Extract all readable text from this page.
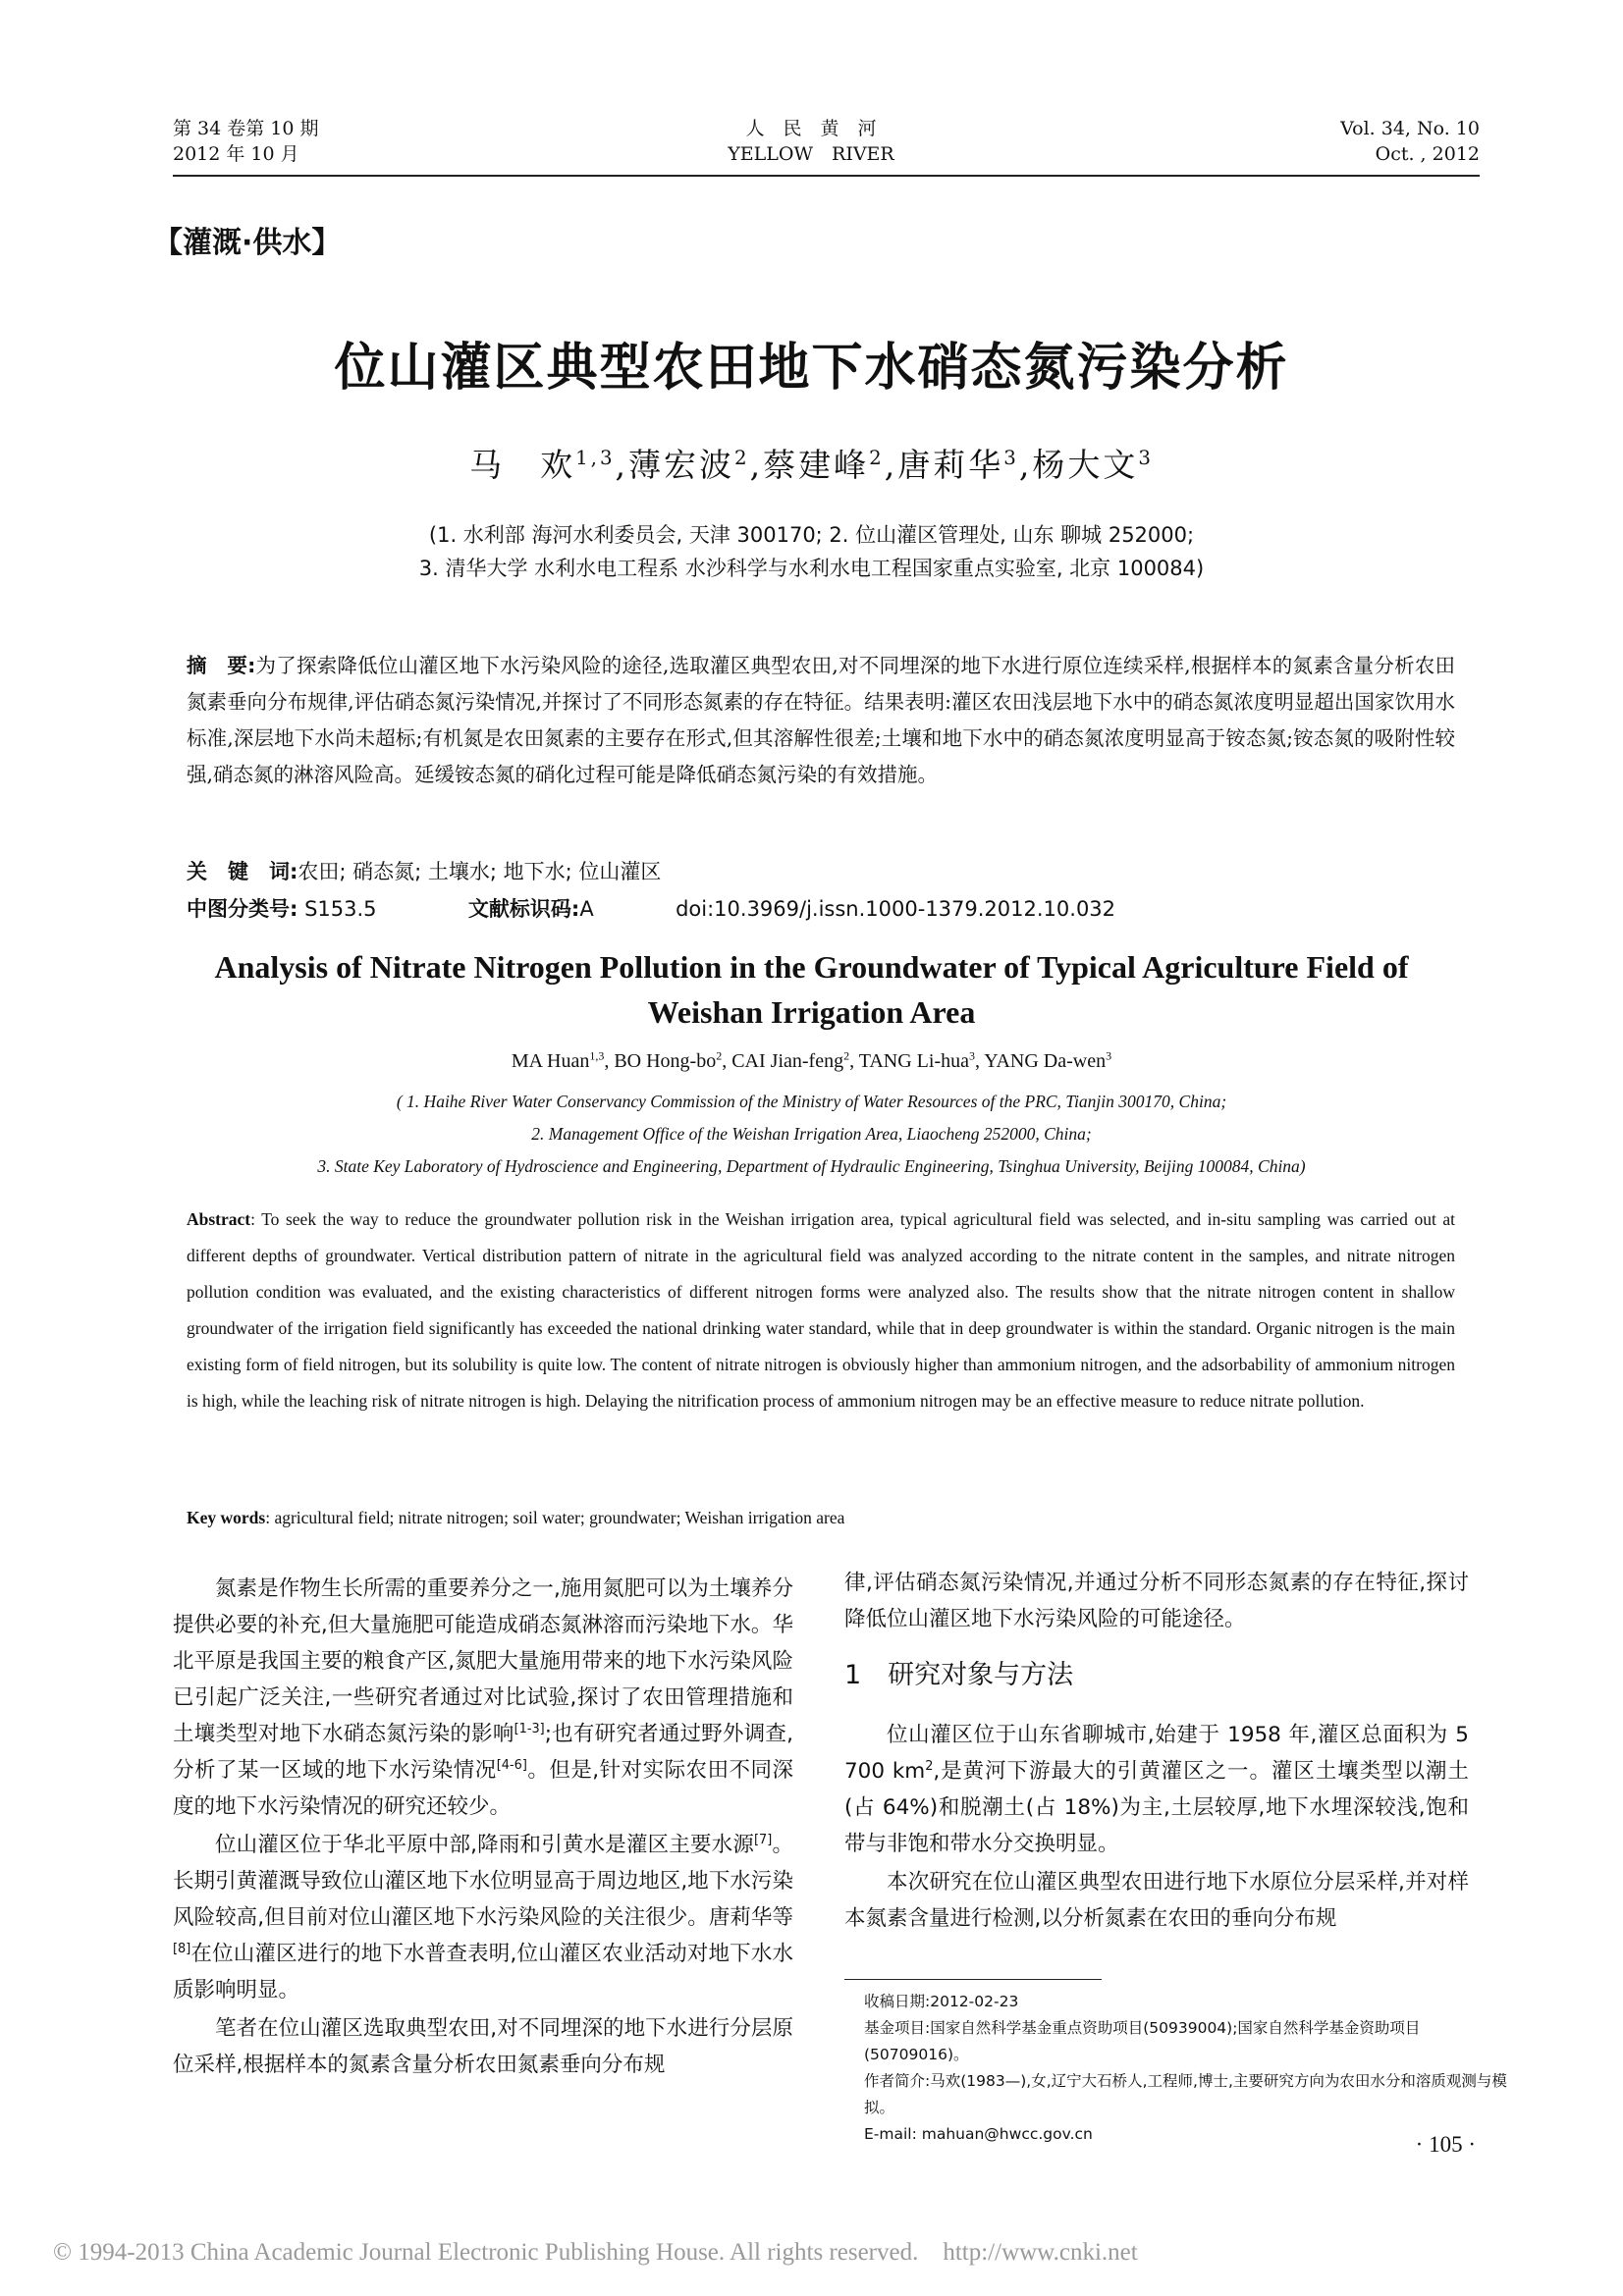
第 34 卷第 10 期
2012 年 10 月
人　民　黄　河
YELLOW　RIVER
Vol. 34, No. 10
Oct. , 2012
【灌溉·供水】
位山灌区典型农田地下水硝态氮污染分析
马　欢$^{1,3}$,薄宏波$^2$,蔡建峰$^2$,唐莉华$^3$,杨大文$^3$
(1. 水利部 海河水利委员会, 天津 300170; 2. 位山灌区管理处, 山东 聊城 252000;
3. 清华大学 水利水电工程系 水沙科学与水利水电工程国家重点实验室, 北京 100084)
摘　要:为了探索降低位山灌区地下水污染风险的途径,选取灌区典型农田,对不同埋深的地下水进行原位连续采样,根据样本的氮素含量分析农田氮素垂向分布规律,评估硝态氮污染情况,并探讨了不同形态氮素的存在特征。结果表明:灌区农田浅层地下水中的硝态氮浓度明显超出国家饮用水标准,深层地下水尚未超标;有机氮是农田氮素的主要存在形式,但其溶解性很差;土壤和地下水中的硝态氮浓度明显高于铵态氮;铵态氮的吸附性较强,硝态氮的淋溶风险高。延缓铵态氮的硝化过程可能是降低硝态氮污染的有效措施。
关　键　词:农田; 硝态氮; 土壤水; 地下水; 位山灌区
中图分类号: S153.5	文献标识码:A	doi:10.3969/j.issn.1000-1379.2012.10.032
Analysis of Nitrate Nitrogen Pollution in the Groundwater of Typical Agriculture Field of
Weishan Irrigation Area
MA Huan$^{1,3}$, BO Hong-$bo^2$, CAI Jian-feng$^2$, TANG Li-hua$^3$, YANG Da-wen$^3$
( 1. Haihe River Water Conservancy Commission of the Ministry of Water Resources of the PRC, Tianjin 300170, China;
2. Management Office of the Weishan Irrigation Area, Liaocheng 252000, China;
3. State Key Laboratory of Hydroscience and Engineering, Department of Hydraulic Engineering, Tsinghua University, Beijing 100084, China)
Abstract: To seek the way to reduce the groundwater pollution risk in the Weishan irrigation area, typical agricultural field was selected, and in-situ sampling was carried out at different depths of groundwater. Vertical distribution pattern of nitrate in the agricultural field was analyzed according to the nitrate content in the samples, and nitrate nitrogen pollution condition was evaluated, and the existing characteristics of different nitrogen forms were analyzed also. The results show that the nitrate nitrogen content in shallow groundwater of the irrigation field significantly has exceeded the national drinking water standard, while that in deep groundwater is within the standard. Organic nitrogen is the main existing form of field nitrogen, but its solubility is quite low. The content of nitrate nitrogen is obviously higher than ammonium nitrogen, and the adsorbability of ammonium nitrogen is high, while the leaching risk of nitrate nitrogen is high. Delaying the nitrification process of ammonium nitrogen may be an effective measure to reduce nitrate pollution.
Key words: agricultural field; nitrate nitrogen; soil water; groundwater; Weishan irrigation area

氮素是作物生长所需的重要养分之一,施用氮肥可以为土壤养分提供必要的补充,但大量施肥可能造成硝态氮淋溶而污染地下水。华北平原是我国主要的粮食产区,氮肥大量施用带来的地下水污染风险已引起广泛关注,一些研究者通过对比试验,探讨了农田管理措施和土壤类型对地下水硝态氮污染的影响[1-3];也有研究者通过野外调查,分析了某一区域的地下水污染情况[4-6]。但是,针对实际农田不同深度的地下水污染情况的研究还较少。

位山灌区位于华北平原中部,降雨和引黄水是灌区主要水源[7]。长期引黄灌溉导致位山灌区地下水位明显高于周边地区,地下水污染风险较高,但目前对位山灌区地下水污染风险的关注很少。唐莉华等[8]在位山灌区进行的地下水普查表明,位山灌区农业活动对地下水水质影响明显。

笔者在位山灌区选取典型农田,对不同埋深的地下水进行分层原位采样,根据样本的氮素含量分析农田氮素垂向分布规

律,评估硝态氮污染情况,并通过分析不同形态氮素的存在特征,探讨降低位山灌区地下水污染风险的可能途径。

1　研究对象与方法

位山灌区位于山东省聊城市,始建于 1958 年,灌区总面积为 5 700 $km^2$,是黄河下游最大的引黄灌区之一。灌区土壤类型以潮土(占 64%)和脱潮土(占 18%)为主,土层较厚,地下水埋深较浅,饱和带与非饱和带水分交换明显。

本次研究在位山灌区典型农田进行地下水原位分层采样,并对样本氮素含量进行检测,以分析氮素在农田的垂向分布规

收稿日期:2012-02-23
基金项目:国家自然科学基金重点资助项目(50939004);国家自然科学基金资助项目(50709016)。
作者简介:马欢(1983—),女,辽宁大石桥人,工程师,博士,主要研究方向为农田水分和溶质观测与模拟。
E-mail: mahuan@hwcc.gov.cn	· 105 ·
© 1994-2013 China Academic Journal Electronic Publishing House. All rights reserved.　http://www.cnki.net
